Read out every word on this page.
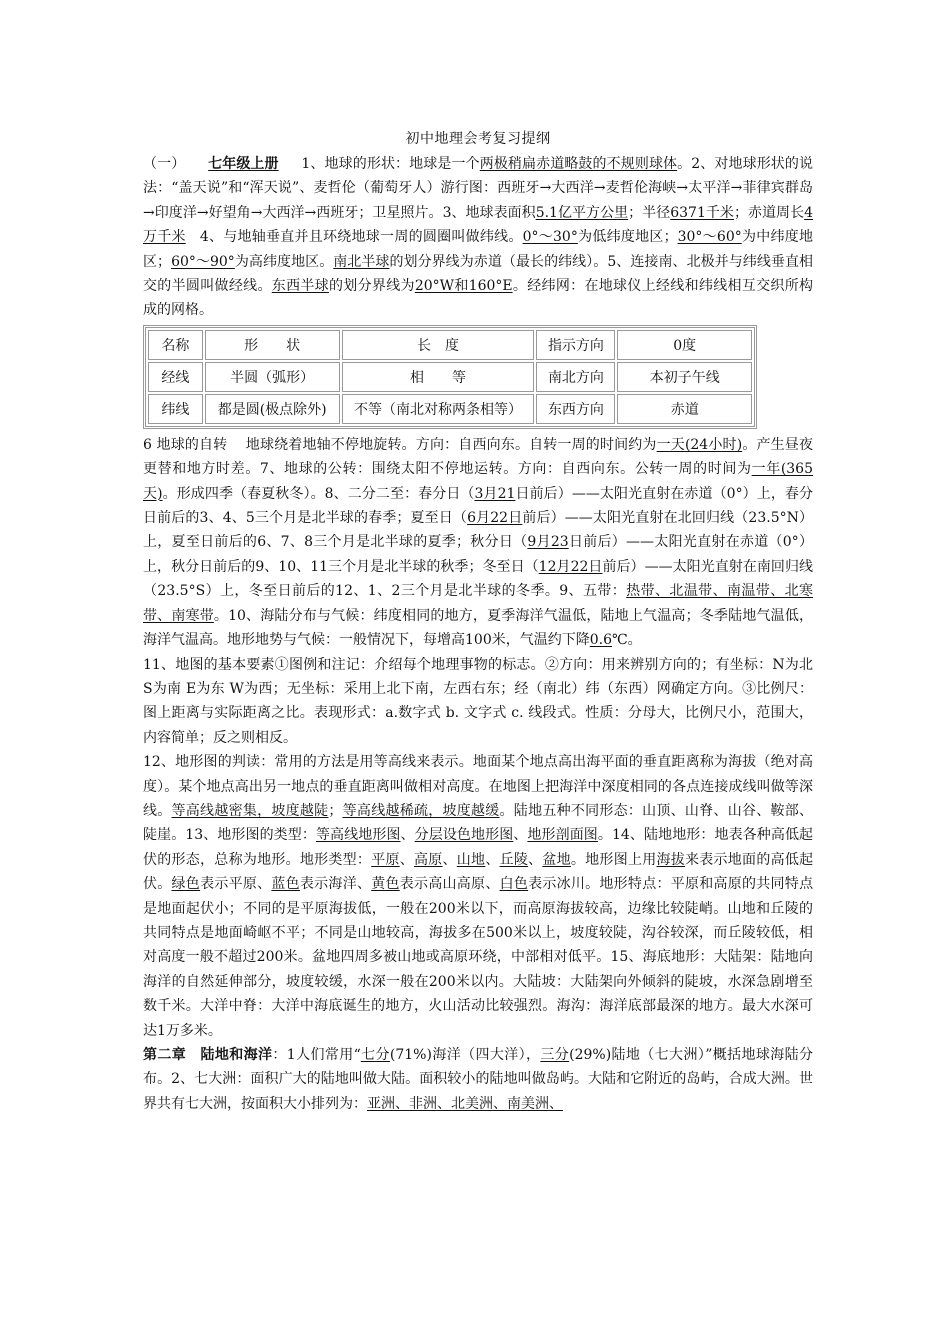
初中地理会考复习提纲

（一） 七年级上册     1、地球的形状：地球是一个两极稍扁赤道略鼓的不规则球体。2、对地球形状的说法：“盖天说”和“浑天说”、麦哲伦（葡萄牙人）游行图：西班牙→大西洋→麦哲伦海峡→太平洋→菲律宾群岛→印度洋→好望角→大西洋→西班牙；卫星照片。3、地球表面积5.1亿平方公里；半径6371千米；赤道周长4万千米   4、与地轴垂直并且环绕地球一周的圆圈叫做纬线。0°～30°为低纬度地区；30°～60°为中纬度地区；60°～90°为高纬度地区。南北半球的划分界线为赤道（最长的纬线）。5、连接南、北极并与纬线垂直相交的半圆叫做经线。东西半球的划分界线为20°W和160°E。经纬网：在地球仪上经线和纬线相互交织所构成的网格。

名称	形　　状	长　度	指示方向	0度
经线	半圆（弧形）	相　　等	南北方向	本初子午线
纬线	都是圆(极点除外)	不等（南北对称两条相等）	东西方向	赤道

6 地球的自转    地球绕着地轴不停地旋转。方向：自西向东。自转一周的时间约为一天(24小时)。产生昼夜更替和地方时差。7、地球的公转：围绕太阳不停地运转。方向：自西向东。公转一周的时间为一年(365天)。形成四季（春夏秋冬）。8、二分二至：春分日（3月21日前后）——太阳光直射在赤道（0°）上，春分日前后的3、4、5三个月是北半球的春季；夏至日（6月22日前后）——太阳光直射在北回归线（23.5°N）上，夏至日前后的6、7、8三个月是北半球的夏季；秋分日（9月23日前后）——太阳光直射在赤道（0°）上，秋分日前后的9、10、11三个月是北半球的秋季；冬至日（12月22日前后）——太阳光直射在南回归线（23.5°S）上，冬至日前后的12、1、2三个月是北半球的冬季。9、五带：热带、北温带、南温带、北寒带、南寒带。10、海陆分布与气候：纬度相同的地方，夏季海洋气温低，陆地上气温高；冬季陆地气温低，海洋气温高。地形地势与气候：一般情况下，每增高100米，气温约下降0.6℃。

11、地图的基本要素①图例和注记：介绍每个地理事物的标志。②方向：用来辨别方向的；有坐标：N为北 S为南 E为东 W为西；无坐标：采用上北下南，左西右东；经（南北）纬（东西）网确定方向。③比例尺：图上距离与实际距离之比。表现形式：a.数字式 b. 文字式 c. 线段式。性质：分母大，比例尺小，范围大，内容简单；反之则相反。

12、地形图的判读：常用的方法是用等高线来表示。地面某个地点高出海平面的垂直距离称为海拔（绝对高度）。某个地点高出另一地点的垂直距离叫做相对高度。在地图上把海洋中深度相同的各点连接成线叫做等深线。等高线越密集，坡度越陡；等高线越稀疏，坡度越缓。陆地五种不同形态：山顶、山脊、山谷、鞍部、陡崖。13、地形图的类型：等高线地形图、分层设色地形图、地形剖面图。14、陆地地形：地表各种高低起伏的形态，总称为地形。地形类型：平原、高原、山地、丘陵、盆地。地形图上用海拔来表示地面的高低起伏。绿色表示平原、蓝色表示海洋、黄色表示高山高原、白色表示冰川。地形特点：平原和高原的共同特点是地面起伏小；不同的是平原海拔低，一般在200米以下，而高原海拔较高，边缘比较陡峭。山地和丘陵的共同特点是地面崎岖不平；不同是山地较高，海拔多在500米以上，坡度较陡，沟谷较深，而丘陵较低，相对高度一般不超过200米。盆地四周多被山地或高原环绕，中部相对低平。15、海底地形：大陆架：陆地向海洋的自然延伸部分，坡度较缓，水深一般在200米以内。大陆坡：大陆架向外倾斜的陡坡，水深急剧增至数千米。大洋中脊：大洋中海底诞生的地方，火山活动比较强烈。海沟：海洋底部最深的地方。最大水深可达1万多米。

第二章　陆地和海洋：1人们常用“七分(71%)海洋（四大洋），三分(29%)陆地（七大洲）”概括地球海陆分布。2、七大洲：面积广大的陆地叫做大陆。面积较小的陆地叫做岛屿。大陆和它附近的岛屿，合成大洲。世界共有七大洲，按面积大小排列为：亚洲、非洲、北美洲、南美洲、
